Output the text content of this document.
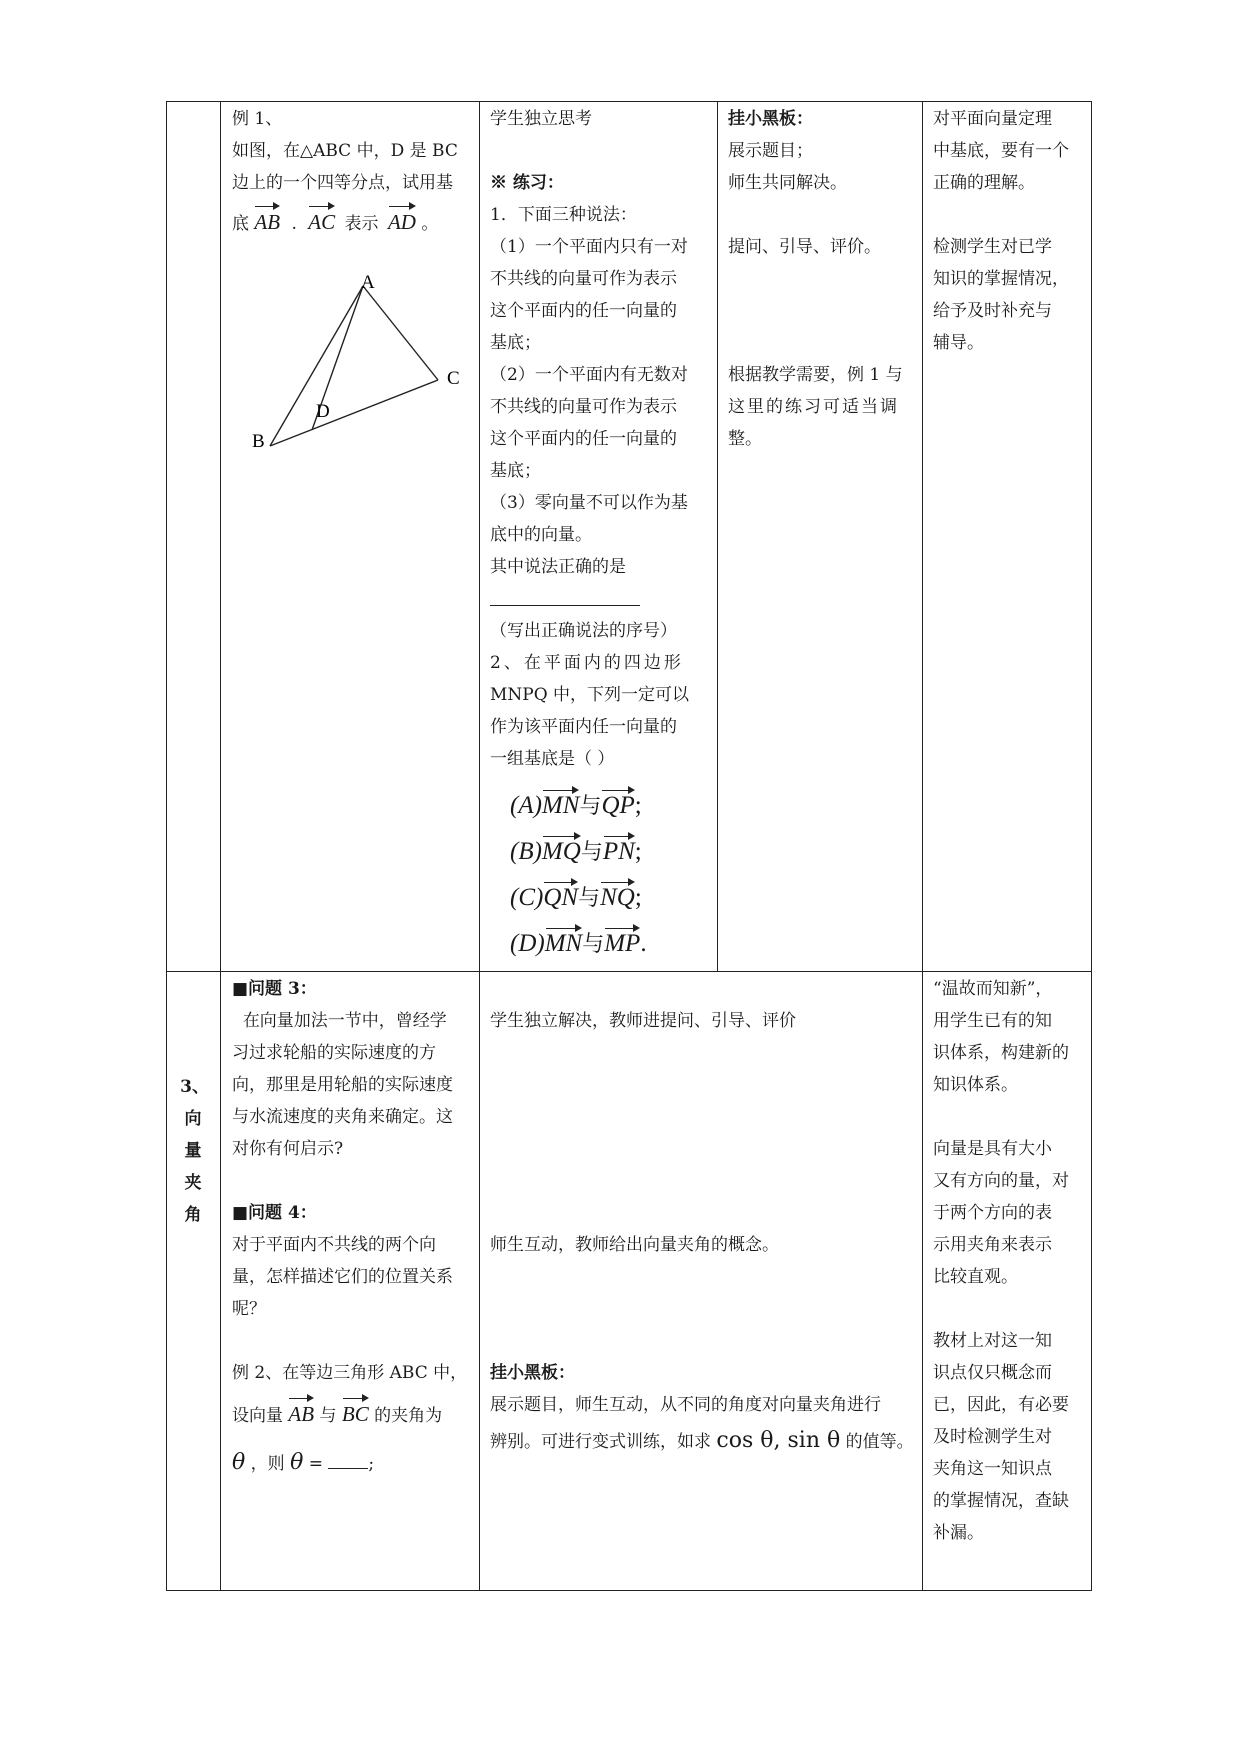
例 1、
如图，在△ABC 中，D 是 BC
边上的一个四等分点，试用基
底 AB . AC 表示 AD 。
A
B
C
D
学生独立思考
※ 练习：
1．下面三种说法：
（1）一个平面内只有一对
不共线的向量可作为表示
这个平面内的任一向量的
基底；
（2）一个平面内有无数对
不共线的向量可作为表示
这个平面内的任一向量的
基底；
（3）零向量不可以作为基
底中的向量。
其中说法正确的是
（写出正确说法的序号）
2、在平面内的四边形
MNPQ 中，下列一定可以
作为该平面内任一向量的
一组基底是（ ）
(A)MN与QP;
(B)MQ与PN;
(C)QN与NQ;
(D)MN与MP.
挂小黑板：
展示题目；
师生共同解决。
提问、引导、评价。
根据教学需要，例 1 与
这里的练习可适当调
整。
对平面向量定理
中基底，要有一个
正确的理解。
检测学生对已学
知识的掌握情况，
给予及时补充与
辅导。
3、
向
量
夹
角
■问题 3：
在向量加法一节中，曾经学
习过求轮船的实际速度的方
向，那里是用轮船的实际速度
与水流速度的夹角来确定。这
对你有何启示?
■问题 4：
对于平面内不共线的两个向
量，怎样描述它们的位置关系
呢？
例 2、在等边三角形 ABC 中，
设向量 AB 与 BC 的夹角为
θ ，则 θ =	;
学生独立解决，教师进提问、引导、评价
师生互动，教师给出向量夹角的概念。
挂小黑板：
展示题目，师生互动，从不同的角度对向量夹角进行
辨别。可进行变式训练，如求 cos θ, sin θ 的值等。
“温故而知新”，
用学生已有的知
识体系，构建新的
知识体系。
向量是具有大小
又有方向的量，对
于两个方向的表
示用夹角来表示
比较直观。
教材上对这一知
识点仅只概念而
已，因此，有必要
及时检测学生对
夹角这一知识点
的掌握情况，查缺
补漏。
